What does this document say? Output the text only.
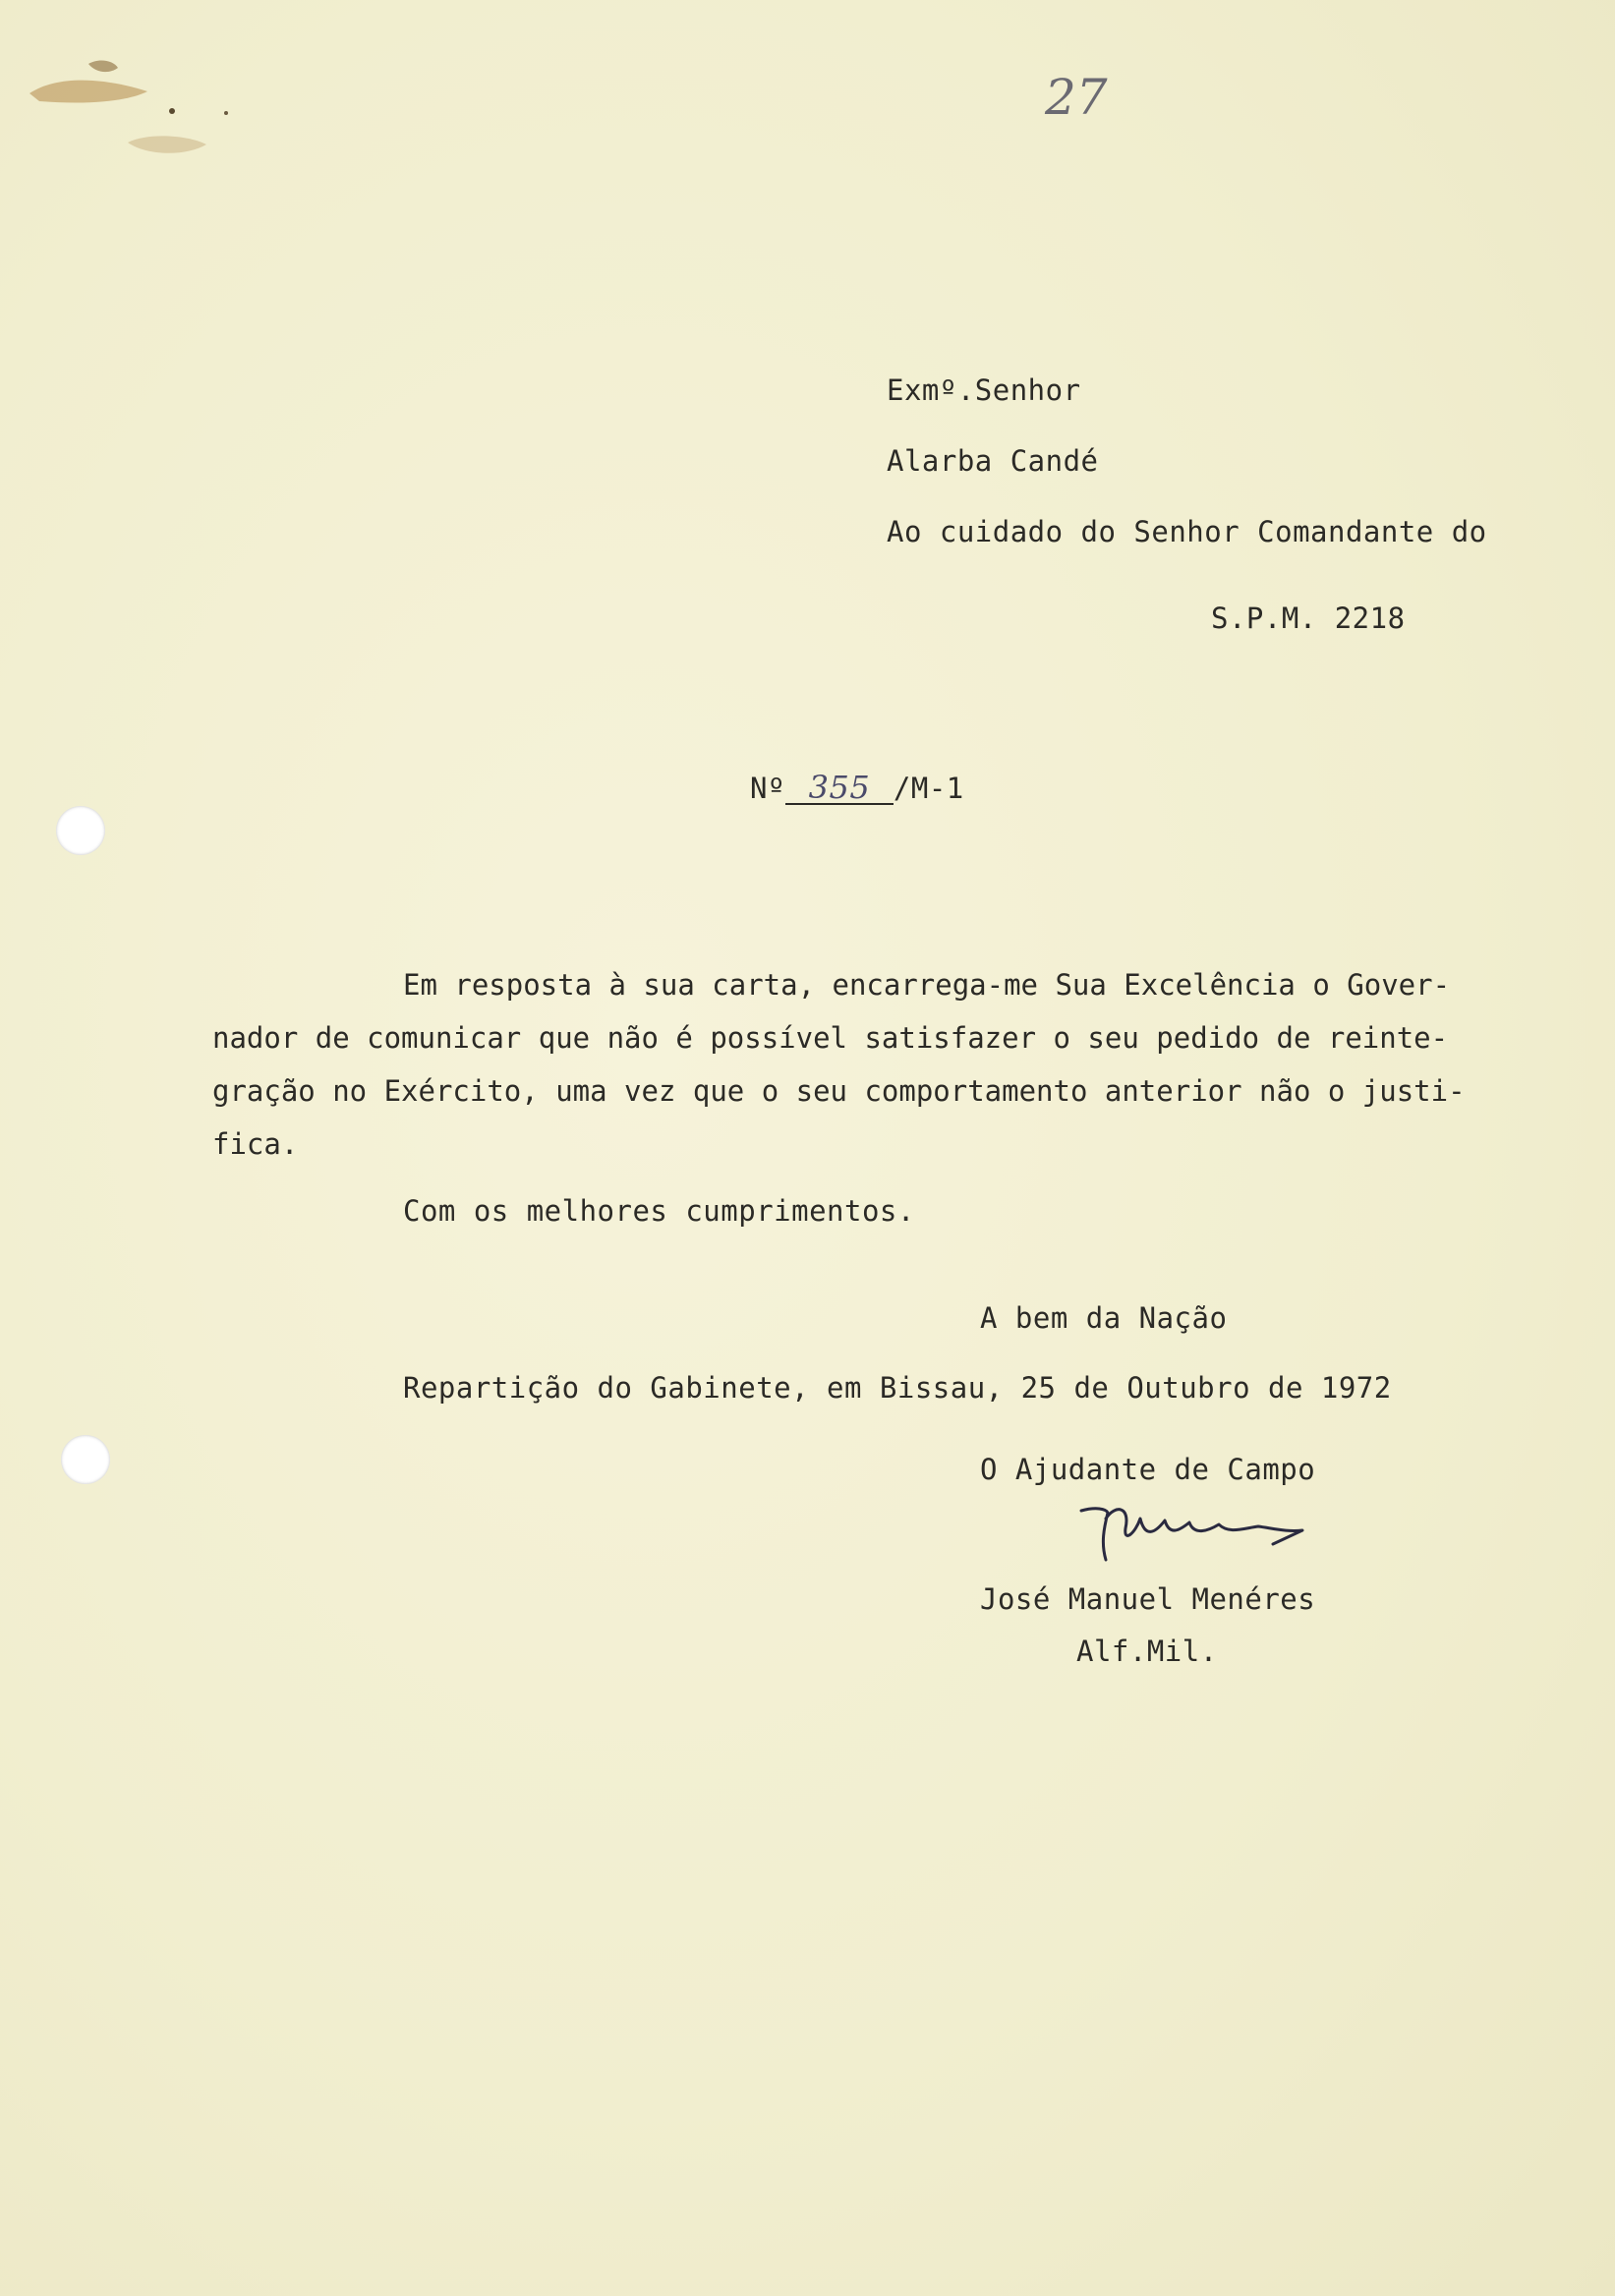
27
Exmº.Senhor
Alarba Candé
Ao cuidado do Senhor Comandante do
S.P.M. 2218
Nº 355 /M-1
Em resposta à sua carta, encarrega-me Sua Excelência o Gover-
nador de comunicar que não é possível satisfazer o seu pedido de reinte-
gração no Exército, uma vez que o seu comportamento anterior não o justi-
fica.
Com os melhores cumprimentos.
A bem da Nação
Repartição do Gabinete, em Bissau, 25 de Outubro de 1972
O Ajudante de Campo
José Manuel Menéres
Alf.Mil.
